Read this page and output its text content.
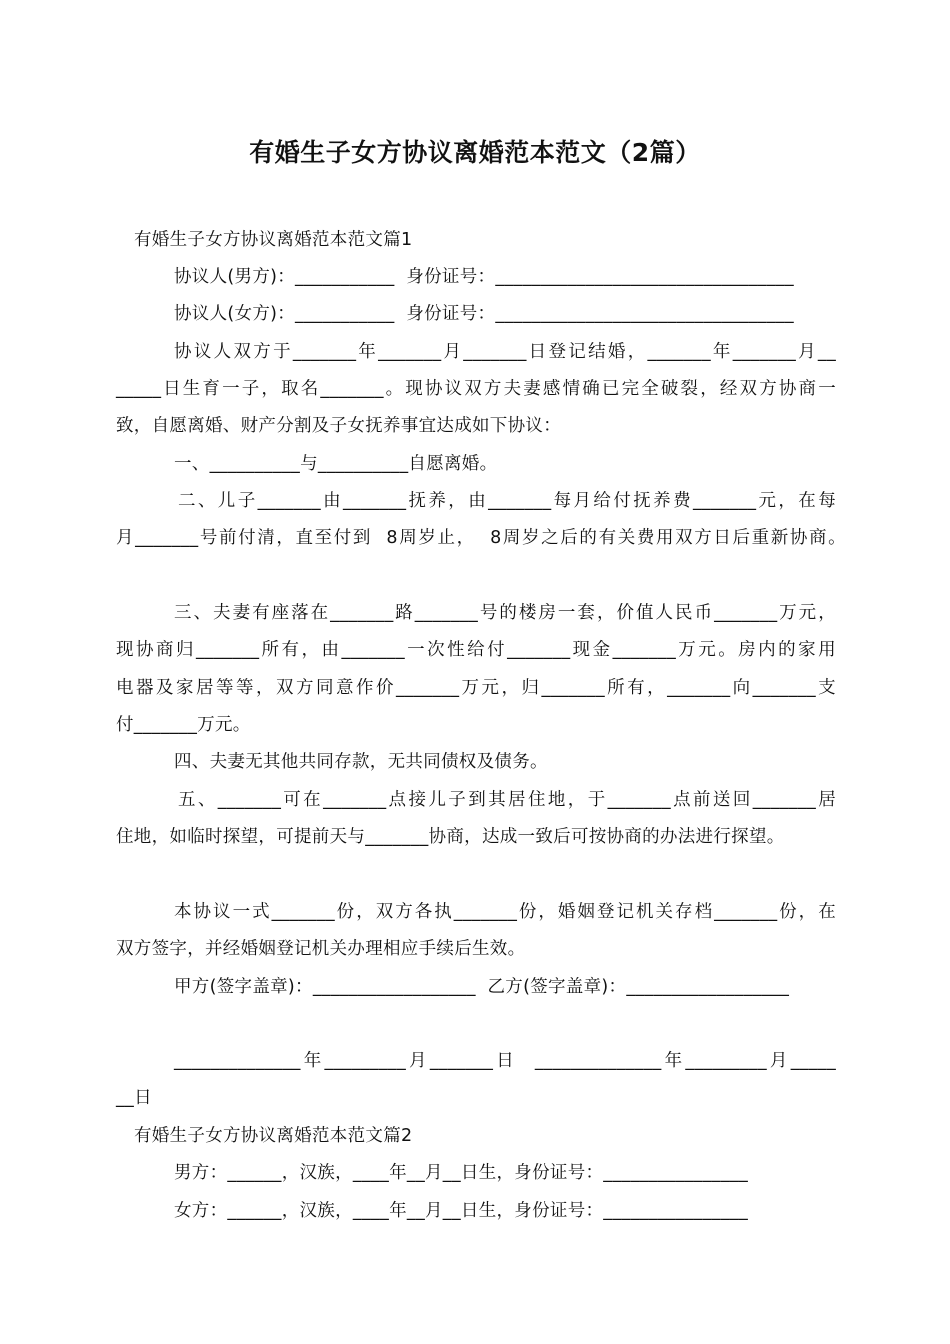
有婚生子女方协议离婚范本范文（2篇）
有婚生子女方协议离婚范本范文篇1
协议人(男方)：___________  身份证号：_________________________________
协议人(女方)：___________  身份证号：_________________________________
协议人双方于_______年_______月_______日登记结婚，_______年_______月__
_____日生育一子，取名_______。现协议双方夫妻感情确已完全破裂，经双方协商一
致，自愿离婚、财产分割及子女抚养事宜达成如下协议：
一、__________与__________自愿离婚。
二、儿子_______由_______抚养，由_______每月给付抚养费_______元，在每
月_______号前付清，直至付到  8周岁止，  8周岁之后的有关费用双方日后重新协商。
三、夫妻有座落在_______路_______号的楼房一套，价值人民币_______万元，
现协商归_______所有，由_______一次性给付_______现金_______万元。房内的家用
电器及家居等等，双方同意作价_______万元，归_______所有，_______向_______支
付_______万元。
四、夫妻无其他共同存款，无共同债权及债务。
五、_______可在_______点接儿子到其居住地，于_______点前送回_______居
住地，如临时探望，可提前天与_______协商，达成一致后可按协商的办法进行探望。
本协议一式_______份，双方各执_______份，婚姻登记机关存档_______份，在
双方签字，并经婚姻登记机关办理相应手续后生效。
甲方(签字盖章)：__________________  乙方(签字盖章)：__________________
______________年_________月_______日  ______________年_________月_____
__日
有婚生子女方协议离婚范本范文篇2
男方：______，汉族，____年__月__日生，身份证号：________________
女方：______，汉族，____年__月__日生，身份证号：________________
